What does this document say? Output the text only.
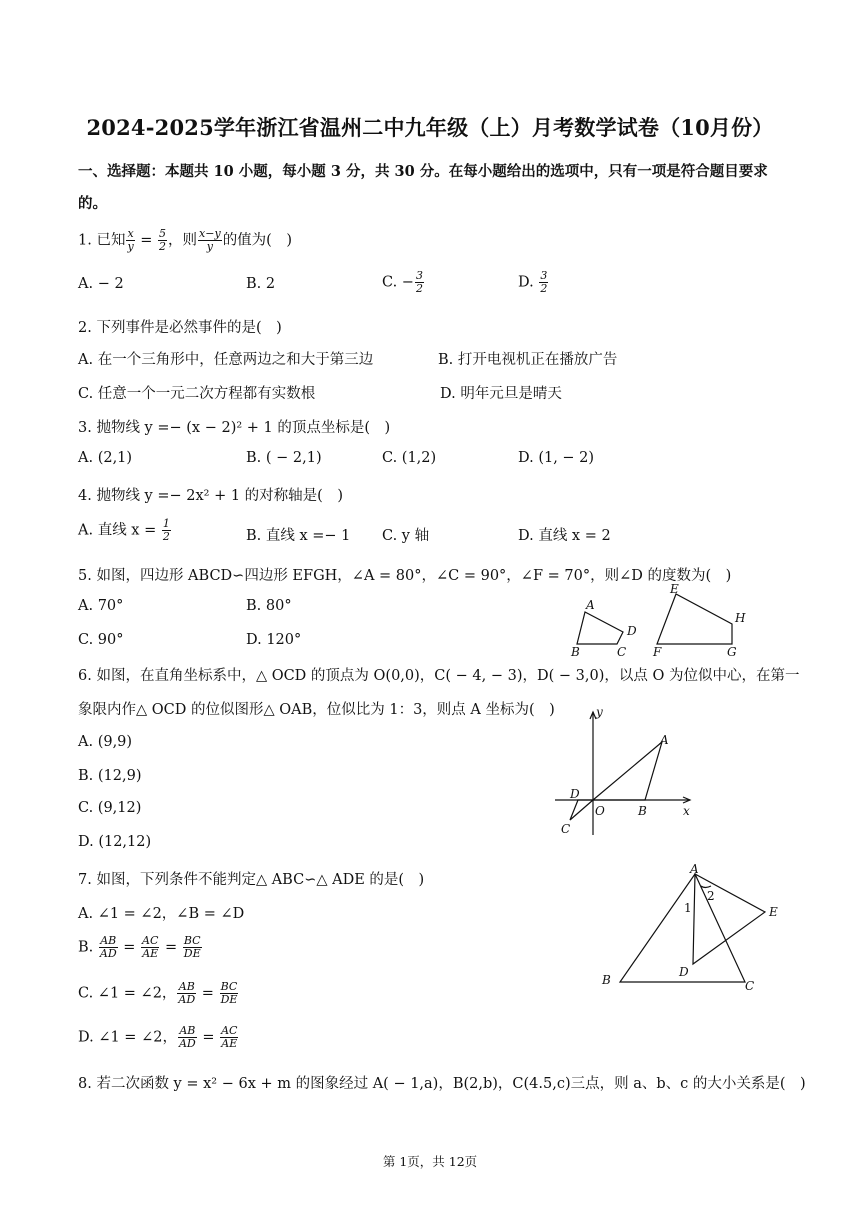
2024-2025学年浙江省温州二中九年级（上）月考数学试卷（10月份）
一、选择题：本题共 10 小题，每小题 3 分，共 30 分。在每小题给出的选项中，只有一项是符合题目要求
的。
1. 已知 $\frac{x}{y} = \frac{5}{2}$ ，则 $\frac{x-y}{y}$ 的值为(　)
A. − 2	B. 2	C. − $\frac{3}{2}$	D. $\frac{3}{2}$
2. 下列事件是必然事件的是(　)
A. 在一个三角形中，任意两边之和大于第三边	B. 打开电视机正在播放广告
C. 任意一个一元二次方程都有实数根	D. 明年元旦是晴天
3. 抛物线 y =− (x − 2)² + 1 的顶点坐标是(　)
A. (2,1)	B. ( − 2,1)	C. (1,2)	D. (1, − 2)
4. 抛物线 y =− 2x² + 1 的对称轴是(　)
A. 直线 $x = \frac{1}{2}$	B. 直线 x =− 1 C. y 轴	D. 直线 x = 2
5. 如图，四边形 ABCD∽四边形 EFGH，∠A = 80°，∠C = 90°，∠F = 70°，则∠D 的度数为(　)
A. 70°	B. 80°
C. 90°	D. 120°
A
B	C
D
E
F	G
H
6. 如图，在直角坐标系中，△ OCD 的顶点为 O(0,0)，C( − 4, − 3)，D( − 3,0)，以点 O 为位似中心，在第一
象限内作△ OCD 的位似图形△ OAB，位似比为 1：3，则点 A 坐标为(　)
A. (9,9)
B. (12,9)
C. (9,12)
D. (12,12)
y
A
D
O	B	x
C
7. 如图，下列条件不能判定△ ABC∽△ ADE 的是(　)
A. ∠1 = ∠2，∠B = ∠D
B. $\frac{AB}{AD} = \frac{AC}{AE} = \frac{BC}{DE}$
C. ∠1 = ∠2， $\frac{AB}{AD} = \frac{BC}{DE}$
D. ∠1 = ∠2， $\frac{AB}{AD} = \frac{AC}{AE}$
A
1
2
E
D
B	C
8. 若二次函数 y = x² − 6x + m 的图象经过 A( − 1,a)，B(2,b)，C(4.5,c)三点，则 a、b、c 的大小关系是(　)
第 1页，共 12页
